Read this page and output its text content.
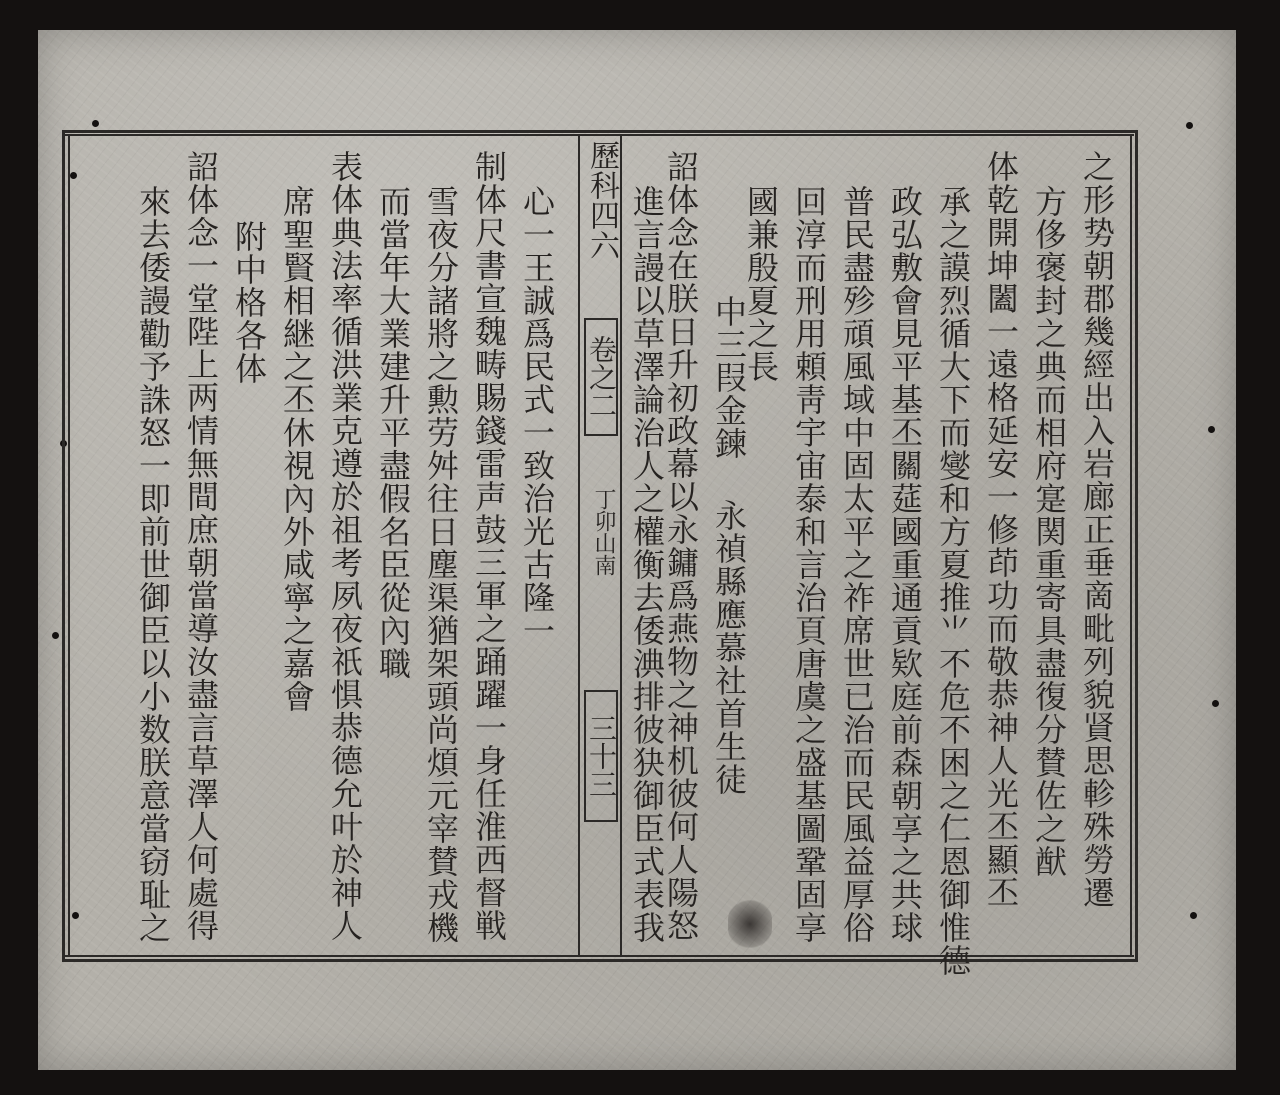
歷科四六
卷之二
丁卯山南
三十三	之形势朝郡幾經出入岩廊正垂啇毗列貌䝨思軫殊勞遷
方侈褒封之典而相府寔関重寄具盡復分賛佐之猷
体乾開坤闔一遠格延安一修茚功而敬恭神人光丕顯丕
承之謨烈循大下而燮和方夏推⺌不危不困之仁恩御惟德
政弘敷會見平基丕關莚國重通貢欵庭前森朝享之共球
普民盡殄頑風域中固太平之祚席世已治而民風益厚俗
回淳而刑用頼靑宇宙泰和言治頁唐虞之盛基圖鞏固享
國兼殷夏之長
中三叚金鍊 永禎縣應慕社首生徒
詔体念在朕日升初政幕以永鏞爲燕物之神机彼何人陽怒
進言謾以草澤論治人之權衡去倭淟排彼㹟御臣式表我
心一王誠爲民式一致治光古隆一
制体尺書宣魏畴賜錢雷声鼓三軍之踊躍一身任淮西督戦
雪夜分諸將之勲劳舛往日塵渠猶架頭尚煩元宰賛戎機
而當年大業建升平盡假名臣從內職
表体典法率循洪業克遵於祖考夙夜祇惧恭德允叶於神人
席聖賢相継之丕休視內外咸寧之嘉會
附中格各体
詔体念一堂陛上两情無間庶朝當導汝盡言草澤人何處得
來去倭謾勸予誅怒一即前世御臣以小数朕意當窃耻之
